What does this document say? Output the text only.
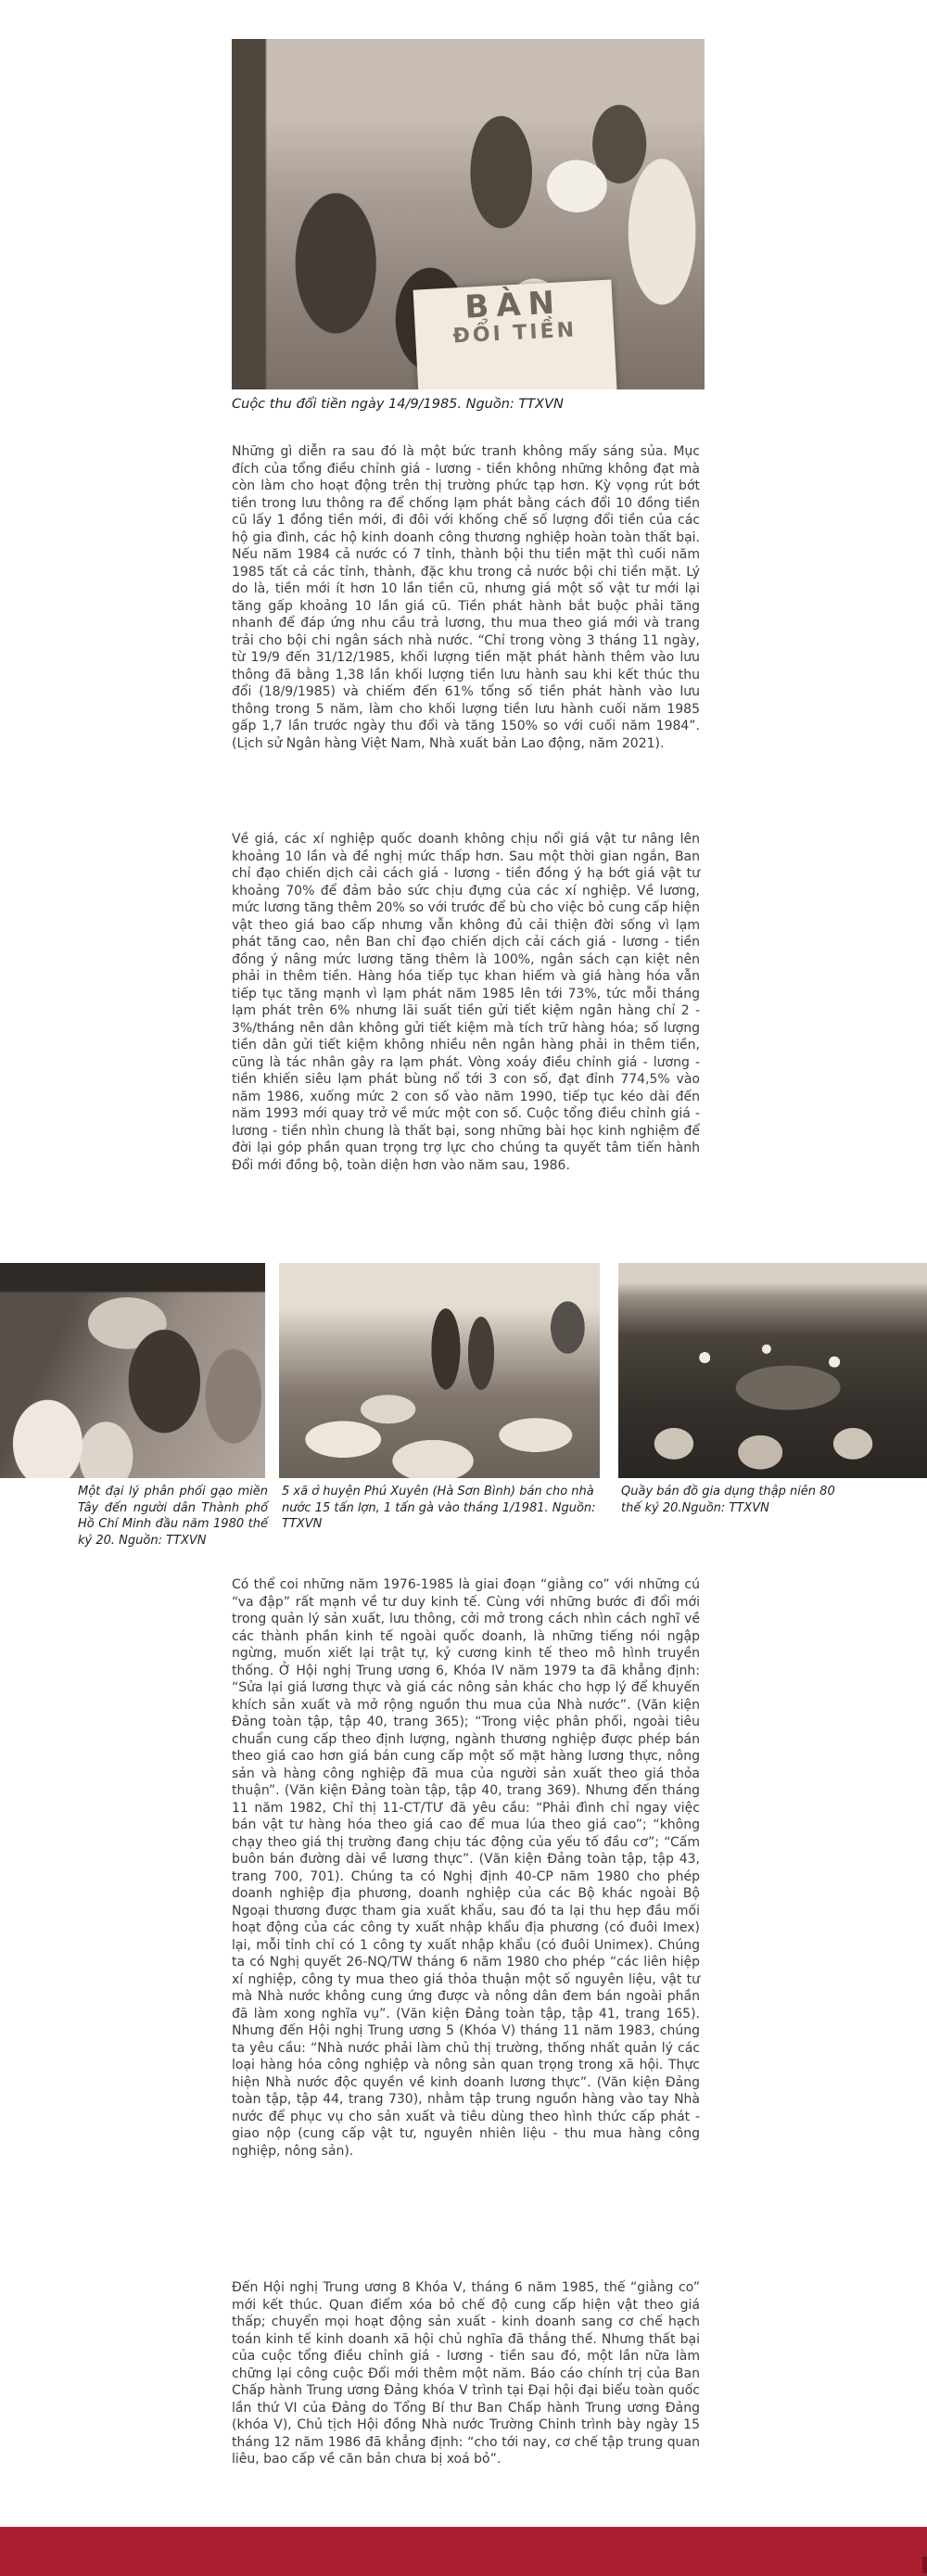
BÀN
ĐỔI TIỀN
Cuộc thu đổi tiền ngày 14/9/1985. Nguồn: TTXVN
Những gì diễn ra sau đó là một bức tranh không mấy sáng sủa. Mục đích của tổng điều chỉnh giá - lương - tiền không những không đạt mà còn làm cho hoạt động trên thị trường phức tạp hơn. Kỳ vọng rút bớt tiền trong lưu thông ra để chống lạm phát bằng cách đổi 10 đồng tiền cũ lấy 1 đồng tiền mới, đi đôi với khống chế số lượng đổi tiền của các hộ gia đình, các hộ kinh doanh công thương nghiệp hoàn toàn thất bại. Nếu năm 1984 cả nước có 7 tỉnh, thành bội thu tiền mặt thì cuối năm 1985 tất cả các tỉnh, thành, đặc khu trong cả nước bội chi tiền mặt. Lý do là, tiền mới ít hơn 10 lần tiền cũ, nhưng giá một số vật tư mới lại tăng gấp khoảng 10 lần giá cũ. Tiền phát hành bắt buộc phải tăng nhanh để đáp ứng nhu cầu trả lương, thu mua theo giá mới và trang trải cho bội chi ngân sách nhà nước. “Chỉ trong vòng 3 tháng 11 ngày, từ 19/9 đến 31/12/1985, khối lượng tiền mặt phát hành thêm vào lưu thông đã bằng 1,38 lần khối lượng tiền lưu hành sau khi kết thúc thu đổi (18/9/1985) và chiếm đến 61% tổng số tiền phát hành vào lưu thông trong 5 năm, làm cho khối lượng tiền lưu hành cuối năm 1985 gấp 1,7 lần trước ngày thu đổi và tăng 150% so với cuối năm 1984”. (Lịch sử Ngân hàng Việt Nam, Nhà xuất bản Lao động, năm 2021).
Về giá, các xí nghiệp quốc doanh không chịu nổi giá vật tư nâng lên khoảng 10 lần và đề nghị mức thấp hơn. Sau một thời gian ngắn, Ban chỉ đạo chiến dịch cải cách giá - lương - tiền đồng ý hạ bớt giá vật tư khoảng 70% để đảm bảo sức chịu đựng của các xí nghiệp. Về lương, mức lương tăng thêm 20% so với trước để bù cho việc bỏ cung cấp hiện vật theo giá bao cấp nhưng vẫn không đủ cải thiện đời sống vì lạm phát tăng cao, nên Ban chỉ đạo chiến dịch cải cách giá - lương - tiền đồng ý nâng mức lương tăng thêm là 100%, ngân sách cạn kiệt nên phải in thêm tiền. Hàng hóa tiếp tục khan hiếm và giá hàng hóa vẫn tiếp tục tăng mạnh vì lạm phát năm 1985 lên tới 73%, tức mỗi tháng lạm phát trên 6% nhưng lãi suất tiền gửi tiết kiệm ngân hàng chỉ 2 - 3%/tháng nên dân không gửi tiết kiệm mà tích trữ hàng hóa; số lượng tiền dân gửi tiết kiệm không nhiều nên ngân hàng phải in thêm tiền, cũng là tác nhân gây ra lạm phát. Vòng xoáy điều chỉnh giá - lương - tiền khiến siêu lạm phát bùng nổ tới 3 con số, đạt đỉnh 774,5% vào năm 1986, xuống mức 2 con số vào năm 1990, tiếp tục kéo dài đến năm 1993 mới quay trở về mức một con số. Cuộc tổng điều chỉnh giá - lương - tiền nhìn chung là thất bại, song những bài học kinh nghiệm để đời lại góp phần quan trọng trợ lực cho chúng ta quyết tâm tiến hành Đổi mới đồng bộ, toàn diện hơn vào năm sau, 1986.
Một đại lý phân phối gạo miền Tây đến người dân Thành phố Hồ Chí Minh đầu năm 1980 thế kỷ 20. Nguồn: TTXVN
5 xã ở huyện Phú Xuyên (Hà Sơn Bình) bán cho nhà nước 15 tấn lợn, 1 tấn gà vào tháng 1/1981. Nguồn: TTXVN
Quầy bán đồ gia dụng thập niên 80 thế kỷ 20.Nguồn: TTXVN
Có thể coi những năm 1976-1985 là giai đoạn “giằng co” với những cú “va đập” rất mạnh về tư duy kinh tế. Cùng với những bước đi đổi mới trong quản lý sản xuất, lưu thông, cởi mở trong cách nhìn cách nghĩ về các thành phần kinh tế ngoài quốc doanh, là những tiếng nói ngập ngừng, muốn xiết lại trật tự, kỷ cương kinh tế theo mô hình truyền thống. Ở Hội nghị Trung ương 6, Khóa IV năm 1979 ta đã khẳng định: “Sửa lại giá lương thực và giá các nông sản khác cho hợp lý để khuyến khích sản xuất và mở rộng nguồn thu mua của Nhà nước”. (Văn kiện Đảng toàn tập, tập 40, trang 365); “Trong việc phân phối, ngoài tiêu chuẩn cung cấp theo định lượng, ngành thương nghiệp được phép bán theo giá cao hơn giá bán cung cấp một số mặt hàng lương thực, nông sản và hàng công nghiệp đã mua của người sản xuất theo giá thỏa thuận”. (Văn kiện Đảng toàn tập, tập 40, trang 369). Nhưng đến tháng 11 năm 1982, Chỉ thị 11-CT/TƯ đã yêu cầu: “Phải đình chỉ ngay việc bán vật tư hàng hóa theo giá cao để mua lúa theo giá cao”; “không chạy theo giá thị trường đang chịu tác động của yếu tố đầu cơ”; “Cấm buôn bán đường dài về lương thực”. (Văn kiện Đảng toàn tập, tập 43, trang 700, 701). Chúng ta có Nghị định 40-CP năm 1980 cho phép doanh nghiệp địa phương, doanh nghiệp của các Bộ khác ngoài Bộ Ngoại thương được tham gia xuất khẩu, sau đó ta lại thu hẹp đầu mối hoạt động của các công ty xuất nhập khẩu địa phương (có đuôi Imex) lại, mỗi tỉnh chỉ có 1 công ty xuất nhập khẩu (có đuôi Unimex). Chúng ta có Nghị quyết 26-NQ/TW tháng 6 năm 1980 cho phép “các liên hiệp xí nghiệp, công ty mua theo giá thỏa thuận một số nguyên liệu, vật tư mà Nhà nước không cung ứng được và nông dân đem bán ngoài phần đã làm xong nghĩa vụ”. (Văn kiện Đảng toàn tập, tập 41, trang 165). Nhưng đến Hội nghị Trung ương 5 (Khóa V) tháng 11 năm 1983, chúng ta yêu cầu: “Nhà nước phải làm chủ thị trường, thống nhất quản lý các loại hàng hóa công nghiệp và nông sản quan trọng trong xã hội. Thực hiện Nhà nước độc quyền về kinh doanh lương thực”. (Văn kiện Đảng toàn tập, tập 44, trang 730), nhằm tập trung nguồn hàng vào tay Nhà nước để phục vụ cho sản xuất và tiêu dùng theo hình thức cấp phát - giao nộp (cung cấp vật tư, nguyên nhiên liệu - thu mua hàng công nghiệp, nông sản).
Đến Hội nghị Trung ương 8 Khóa V, tháng 6 năm 1985, thế “giằng co” mới kết thúc. Quan điểm xóa bỏ chế độ cung cấp hiện vật theo giá thấp; chuyển mọi hoạt động sản xuất - kinh doanh sang cơ chế hạch toán kinh tế kinh doanh xã hội chủ nghĩa đã thắng thế. Nhưng thất bại của cuộc tổng điều chỉnh giá - lương - tiền sau đó, một lần nữa làm chững lại công cuộc Đổi mới thêm một năm. Báo cáo chính trị của Ban Chấp hành Trung ương Đảng khóa V trình tại Đại hội đại biểu toàn quốc lần thứ VI của Đảng do Tổng Bí thư Ban Chấp hành Trung ương Đảng (khóa V), Chủ tịch Hội đồng Nhà nước Trường Chinh trình bày ngày 15 tháng 12 năm 1986 đã khẳng định: “cho tới nay, cơ chế tập trung quan liêu, bao cấp về căn bản chưa bị xoá bỏ”.
